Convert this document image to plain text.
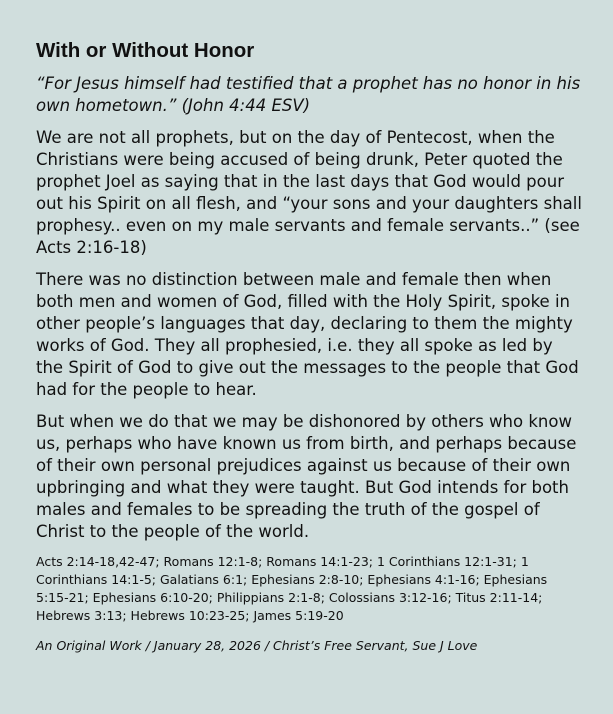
With or Without Honor

“For Jesus himself had testified that a prophet has no honor in his own hometown.” (John 4:44 ESV)

We are not all prophets, but on the day of Pentecost, when the Christians were being accused of being drunk, Peter quoted the prophet Joel as saying that in the last days that God would pour out his Spirit on all flesh, and “your sons and your daughters shall prophesy.. even on my male servants and female servants..” (see Acts 2:16-18)

There was no distinction between male and female then when both men and women of God, filled with the Holy Spirit, spoke in other people’s languages that day, declaring to them the mighty works of God. They all prophesied, i.e. they all spoke as led by the Spirit of God to give out the messages to the people that God had for the people to hear.

But when we do that we may be dishonored by others who know us, perhaps who have known us from birth, and perhaps because of their own personal prejudices against us because of their own upbringing and what they were taught. But God intends for both males and females to be spreading the truth of the gospel of Christ to the people of the world.

Acts 2:14-18,42-47; Romans 12:1-8; Romans 14:1-23; 1 Corinthians 12:1-31; 1 Corinthians 14:1-5; Galatians 6:1; Ephesians 2:8-10; Ephesians 4:1-16; Ephesians 5:15-21; Ephesians 6:10-20; Philippians 2:1-8; Colossians 3:12-16; Titus 2:11-14; Hebrews 3:13; Hebrews 10:23-25; James 5:19-20

An Original Work / January 28, 2026 / Christ’s Free Servant, Sue J Love
